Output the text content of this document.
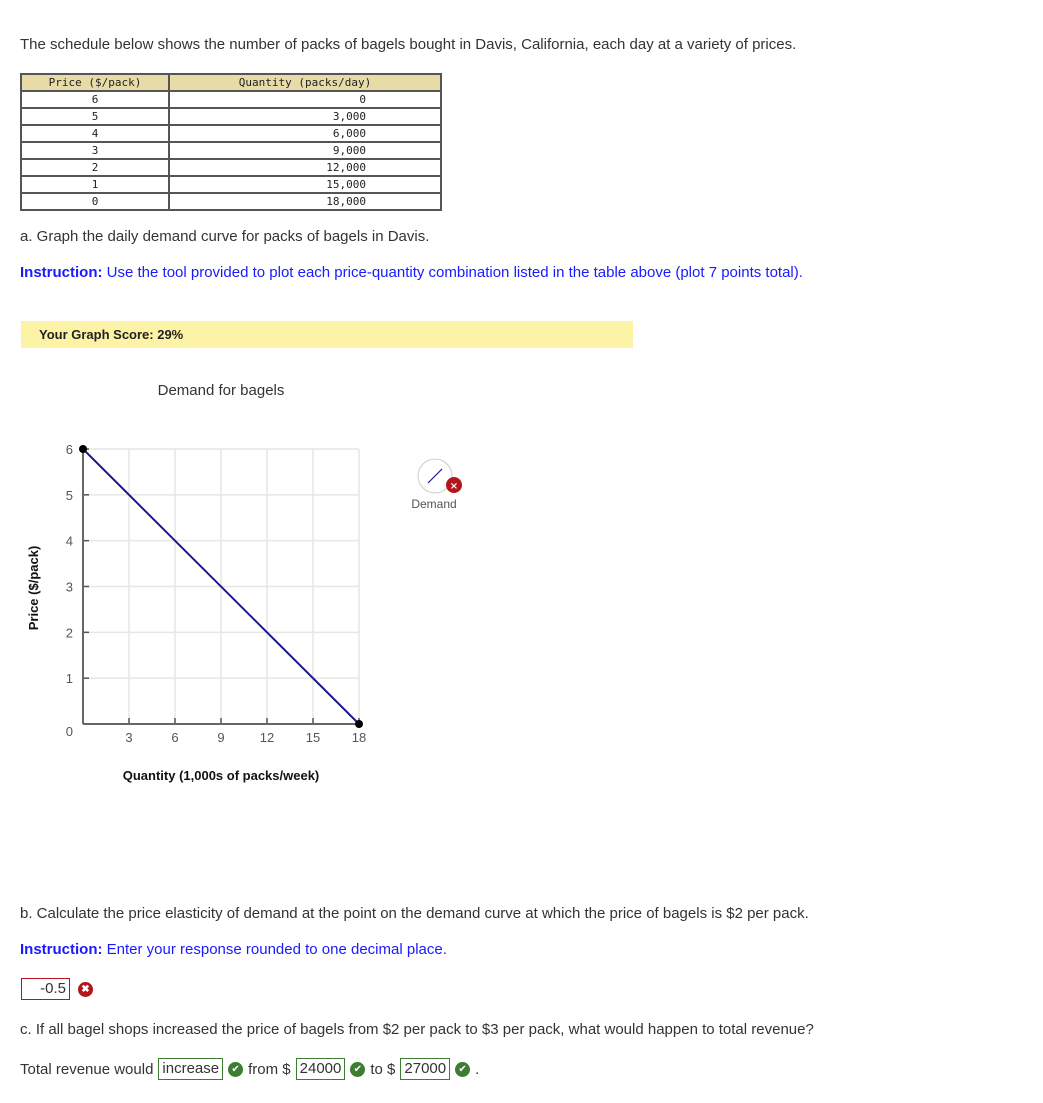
The schedule below shows the number of packs of bagels bought in Davis, California, each day at a variety of prices.
Price ($/pack)	Quantity (packs/day)
6	0
5	3,000
4	6,000
3	9,000
2	12,000
1	15,000
0	18,000
a. Graph the daily demand curve for packs of bagels in Davis.
Instruction: Use the tool provided to plot each price-quantity combination listed in the table above (plot 7 points total).
Your Graph Score: 29%
Demand for bagels
3	6	9	12 15 18
0
1
2
3
4
5
6
Price ($/pack)
Quantity (1,000s of packs/week)
×
Demand
b. Calculate the price elasticity of demand at the point on the demand curve at which the price of bagels is $2 per pack.
Instruction: Enter your response rounded to one decimal place.
-0.5	✖
c. If all bagel shops increased the price of bagels from $2 per pack to $3 per pack, what would happen to total revenue?
Total revenue would increase	✔ from $ 24000	✔ to $ 27000	✔ .
